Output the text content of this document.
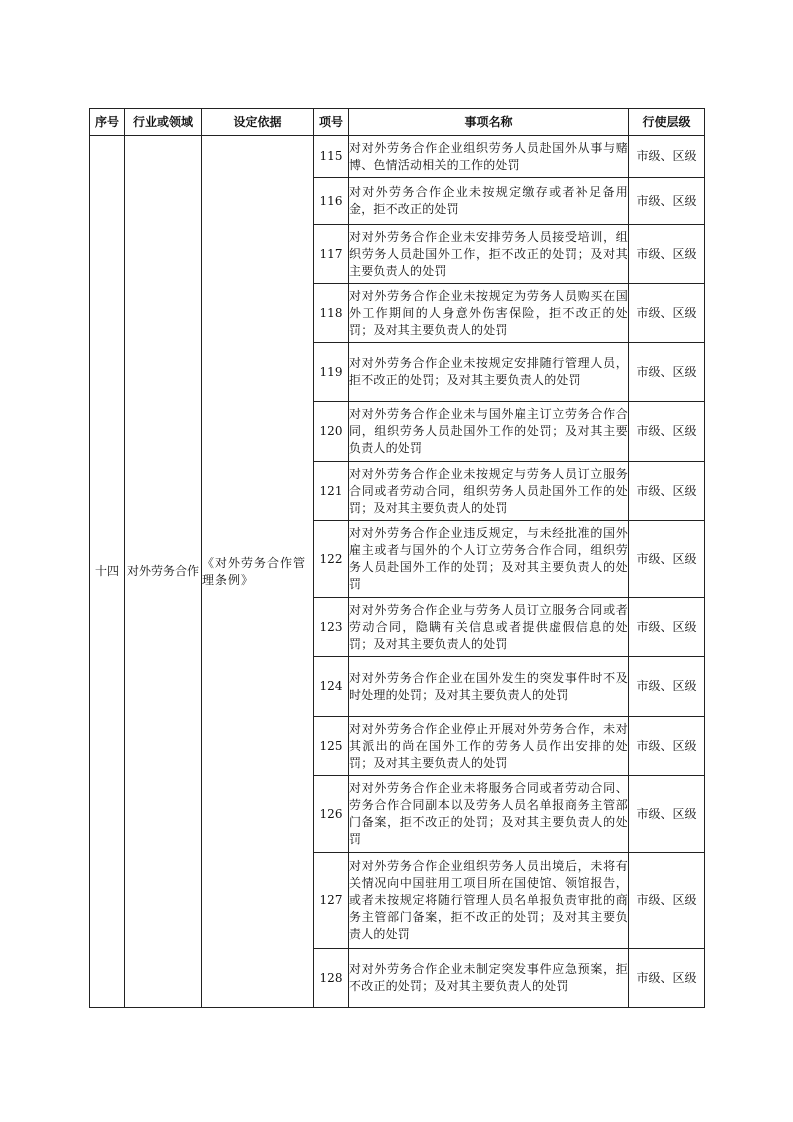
序号	行业或领域	设定依据	项号	事项名称	行使层级
十四	对外劳务合作	《对外劳务合作管理条例》	115	对对外劳务合作企业组织劳务人员赴国外从事与赌博、色情活动相关的工作的处罚	市级、区级
			116	对对外劳务合作企业未按规定缴存或者补足备用金，拒不改正的处罚	市级、区级
			117	对对外劳务合作企业未安排劳务人员接受培训，组织劳务人员赴国外工作，拒不改正的处罚；及对其主要负责人的处罚	市级、区级
			118	对对外劳务合作企业未按规定为劳务人员购买在国外工作期间的人身意外伤害保险，拒不改正的处罚；及对其主要负责人的处罚	市级、区级
			119	对对外劳务合作企业未按规定安排随行管理人员，拒不改正的处罚；及对其主要负责人的处罚	市级、区级
			120	对对外劳务合作企业未与国外雇主订立劳务合作合同，组织劳务人员赴国外工作的处罚；及对其主要负责人的处罚	市级、区级
			121	对对外劳务合作企业未按规定与劳务人员订立服务合同或者劳动合同，组织劳务人员赴国外工作的处罚；及对其主要负责人的处罚	市级、区级
			122	对对外劳务合作企业违反规定，与未经批准的国外雇主或者与国外的个人订立劳务合作合同，组织劳务人员赴国外工作的处罚；及对其主要负责人的处罚	市级、区级
			123	对对外劳务合作企业与劳务人员订立服务合同或者劳动合同，隐瞒有关信息或者提供虚假信息的处罚；及对其主要负责人的处罚	市级、区级
			124	对对外劳务合作企业在国外发生的突发事件时不及时处理的处罚；及对其主要负责人的处罚	市级、区级
			125	对对外劳务合作企业停止开展对外劳务合作，未对其派出的尚在国外工作的劳务人员作出安排的处罚；及对其主要负责人的处罚	市级、区级
			126	对对外劳务合作企业未将服务合同或者劳动合同、劳务合作合同副本以及劳务人员名单报商务主管部门备案，拒不改正的处罚；及对其主要负责人的处罚	市级、区级
			127	对对外劳务合作企业组织劳务人员出境后，未将有关情况向中国驻用工项目所在国使馆、领馆报告，或者未按规定将随行管理人员名单报负责审批的商务主管部门备案，拒不改正的处罚；及对其主要负责人的处罚	市级、区级
			128	对对外劳务合作企业未制定突发事件应急预案，拒不改正的处罚；及对其主要负责人的处罚	市级、区级
